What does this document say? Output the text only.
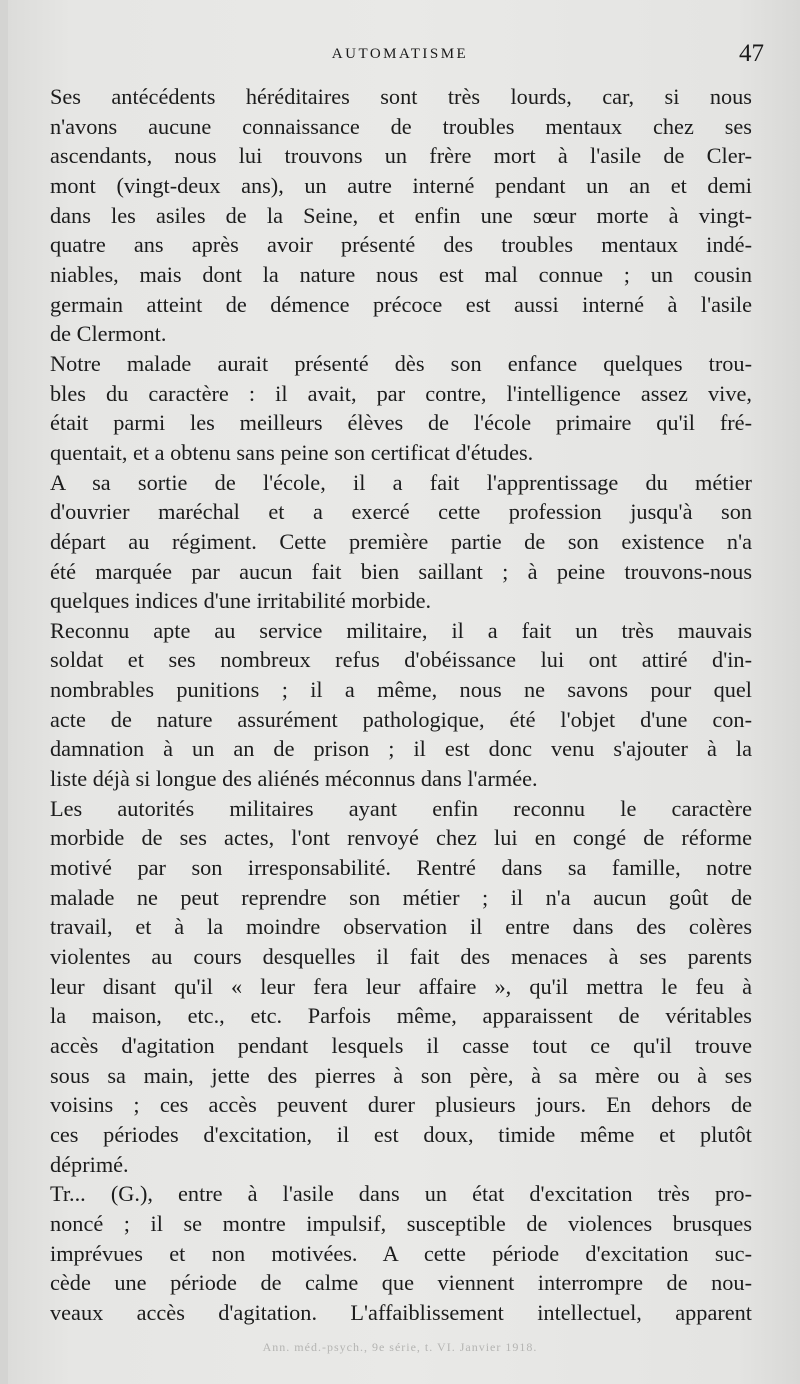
AUTOMATISME	47

Ses antécédents héréditaires sont très lourds, car, si nous

n'avons aucune connaissance de troubles mentaux chez ses

ascendants, nous lui trouvons un frère mort à l'asile de Cler-

mont (vingt-deux ans), un autre interné pendant un an et demi

dans les asiles de la Seine, et enfin une sœur morte à vingt-

quatre ans après avoir présenté des troubles mentaux indé-

niables, mais dont la nature nous est mal connue ; un cousin

germain atteint de démence précoce est aussi interné à l'asile

de Clermont.

Notre malade aurait présenté dès son enfance quelques trou-

bles du caractère : il avait, par contre, l'intelligence assez vive,

était parmi les meilleurs élèves de l'école primaire qu'il fré-

quentait, et a obtenu sans peine son certificat d'études.

A sa sortie de l'école, il a fait l'apprentissage du métier

d'ouvrier maréchal et a exercé cette profession jusqu'à son

départ au régiment. Cette première partie de son existence n'a

été marquée par aucun fait bien saillant ; à peine trouvons-nous

quelques indices d'une irritabilité morbide.

Reconnu apte au service militaire, il a fait un très mauvais

soldat et ses nombreux refus d'obéissance lui ont attiré d'in-

nombrables punitions ; il a même, nous ne savons pour quel

acte de nature assurément pathologique, été l'objet d'une con-

damnation à un an de prison ; il est donc venu s'ajouter à la

liste déjà si longue des aliénés méconnus dans l'armée.

Les autorités militaires ayant enfin reconnu le caractère

morbide de ses actes, l'ont renvoyé chez lui en congé de réforme

motivé par son irresponsabilité. Rentré dans sa famille, notre

malade ne peut reprendre son métier ; il n'a aucun goût de

travail, et à la moindre observation il entre dans des colères

violentes au cours desquelles il fait des menaces à ses parents

leur disant qu'il « leur fera leur affaire », qu'il mettra le feu à

la maison, etc., etc. Parfois même, apparaissent de véritables

accès d'agitation pendant lesquels il casse tout ce qu'il trouve

sous sa main, jette des pierres à son père, à sa mère ou à ses

voisins ; ces accès peuvent durer plusieurs jours. En dehors de

ces périodes d'excitation, il est doux, timide même et plutôt

déprimé.

Tr... (G.), entre à l'asile dans un état d'excitation très pro-

noncé ; il se montre impulsif, susceptible de violences brusques

imprévues et non motivées. A cette période d'excitation suc-

cède une période de calme que viennent interrompre de nou-

veaux accès d'agitation. L'affaiblissement intellectuel, apparent

Ann. méd.-psych., 9e série, t. VI. Janvier 1918.
